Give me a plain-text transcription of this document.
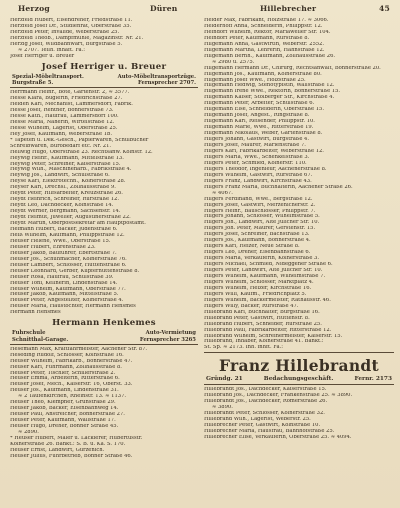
Herzog	Düren	Hillebrecher	45
Herzfeld Hubert, Eisendreher, Friedstraße 11.
Herzfeld Josef Dr., Studienrat, Oberstraße 35.
Herzfeld Peter, Invalide, Weberstraße 25.
Herzfeld Theob., Dampfmühle, Magazinstr. Nr. 21.
Herzig Josef, Wildbahnwart, Burgstraße 5.
≈ 2707. Teilh. inhaft. Fa.:
Josef Herriger u. Breuer
Josef Herriger u. Breuer
Spezial-Möbeltransport.	Auto-Möbeltransportzüge.
Burgstraße 5.	Fernsprecher 2707.
Herrmann Heinr., Bote, Gartenstr. 2, ≈ 3577.
Hesse Klara, Büglerin, Friedrichstraße 27.
Heiden Karl, Mechanist, Lämmersdorf, Fabrik.
Hesse Josef, Rentner, Bonnerstraße 73.
Hesse Kath., Haufrau, Lämmersdorf 100.
Hesse Maria, Näherin, Wirtelstraße 12.
Hesse Wilhelm, Lagerist, Oberstraße 25.
Hey Josef, Kaufmann, Weberstraße 1b.
* Tapeten u. Dek.-Gesch., Papierwaren, Schulbücher
Schreibwaren, Bürobedarf etc. Nr. 21.
Hellwig Hugo, Oberstraße 23. Rechtsanw. Kölnstr. 12.
Heywig Heinr., Kaufmann, Mittelstraße 13.
Heywig Peter, Schreiner, Kaiserstraße 15.
Heywig Wilh., Maschinenarb., Fabrikstraße 4.
Heywig Jos., Landwirt, Schulstraße 6.
Heyse Karl, Elektrotechn., Kölnerstraße 28.
Heyser Karl, Drechsl., Zollhausstraße 9.
Heydt Peter, Hilfsarbeiter, Kreuzstraße 26.
Heydt Heinrich, Schreiner, Rurstraße 12.
Heydt Leo, Dachdecker, Kölnstraße 14.
Heydt Werner, Bergmann, Sachsenstr. 14.
Heydt Helmut, Juwelier, Augustinerstraße 22.
Heydt Martin, Oberpostsekretär am Hauptpostamt.
Heimann Hubert, Bäcker, Judenstraße 6.
Heiß Wilhelm, Kaufmann, Philippstraße 12.
Heuser Helene, Wwe., Oberstraße 15.
Heuser Hubert, Ehrenstraße 23.
Heuser Jakob, Bauführer, Ebertstraße 7.
Heuser Jos., Schuhmacher, Kölnerstraße 76.
Heuser Lambert, Schlosser, Hüttenstraße 6.
Heuser Leonhard, Gerber, Kupferhüttenstraße 8.
Heuser Rosa, Haufrau, Schulstraße 39.
Heuser Toni, Kellnerin, Lindenstraße 14.
Heuser Wilhelm, Kaufmann, Oberstraße 77.
Heuser Jakob, Kaufmann, Mittelstraße 5.
Heuser Peter, Angestellter, Kölnerstraße 4.
Heuser Maria, Haustochter, Hermann Hensmes
Hermann Hensmes
Hermann Henkemes
Fuhrschule	Auto-Vermietung
Schnitthal-Garage.	Fernsprecher 3265
Hesemann Max, Kraftfahrmeister, Aachener Str. 87.
Heseding Rudolf, Schlosser, Kölnstraße 16.
Heuser Wilhelm, Fabrikarb., Bonnerstraße 47.
Heuser Karl, Fuhrmann, Zollhausstraße 8.
Heuser Peter, Tischler, Schillerstraße 2.
Heuser Emma, Arbeiterin, Ritterstraße 6.
Heuser Josef, Mech., Kaiserstr. 16, Oberst. 33.
Heuser Jos., Kaufmann, Lindenstraße 31.
≈ 2 Taufenkirchen, Rheinstr. 13. ≈ 1137.
Heuser Theo, Klempner, Grünstraße 29.
Heuser Jakob, Bäcker, Eisenbahnweg 14.
Heuser Paul, Anstreicher, Bonnerstraße 27.
Heuser Peter, Kaufmann, Wallstraße 17.
Heuser Hugo, Dreher, Bonner Straße 45.
≈ 2890.
* Heuser Hubert, Maler u. Lackierer, Hubertusstr.
Kölnerstraße 26. Bankt.: S. B. u. Ka. S. 170.
Heuser Ernst, Landwirt, Gürzenich.
Heuser Julius, Fuhrbetrieb, Bonner Straße 46.
Heider Max, Fabrikant, Holzstraße 17. ≈ 3066.
Heiderhoff Anna, Schneiderin, Philippstr. 12.
Heindorf Wilhelm, Rektor, Mariaweiler Str. 104.
Heindorf Peter, Kaufmann, Rurstraße 8.
Hilgemann Anna, Gastwirtin, Weberstr. 2552.
Hilgemann Martha, Lehrerin, Hahnstraße 12.
Hilgemann Bernh., Kaufmann, Zollhausstraße 26.
≈ 2980 u. 2575.
Hilgemann Hermann Dr., Chirurg, Rechtsanwalt, Bonnerstraße 20.
Hilgemann Jos., Kaufmann, Kölnerstraße 80.
Hilgemann Josef Wwe., Holzstraße 25.
Hilgemann Hedwig, Stenotypistin, Wallstraße 12.
Hilgemann Irene Wwe., Rektorin, Bonnerstraße 15.
Hilgemann Kaiser, Stolberger Str., Kirchstraße 4.
Hilgemann Peter, Arbeiter, Schulstraße 6.
Hilgemann Else, Schneiderin, Oberstraße 15.
Hilgemann Josef, Angest., Ringstraße 8.
Hilgemann Karl, Reisender, Philippstr. 10.
Hilgemann Marie, Wwe., Ritterstraße 19.
Hilgemann Nikolaus, Weber, Gartenstraße 8.
Hilgers Johann, Gastwirt, Burgstraße 4.
Hilgers Josef, Maurer, Marienstraße 7.
Hilgers Karl, Fabrikarbeiter, Weberstraße 12.
Hilgers Maria, Wwe., Schenkelstraße 3.
Hilgers Peter, Schmied, Kölnerstr. 110.
Hilgers Theodor, Ingenieur, Aachenerstraße 8.
Hilgers Wilhelm, Gastwirt, Rurstraße 67.
Hilgers Franz, Landwirt, Kirchstraße 43.
Hilgers Franz Maria, Buchhalterin, Aachener Straße 26.
≈ 4067.
Hilgers Ferdinand, Wwe., Bergstraße 12.
Hilgers Josef, Gastwirt, Merzenicherstr. 2.
Hilgers Heinr., Bauschlosser, Philippstr. 7.
Hilgers Johann, Schlosser, Wilhelmstraße 5.
Hilgers Joh., Landwirt, Alte Jülicher Str. 10.
Hilgers Joh. Peter, Maurer, Gerstenstr. 15.
Hilgers Josef, Schreiner, Bachstraße 13.
Hilgers Jos., Kaufmann, Bonnerstraße 4.
Hilgers Karl, Heizer, Neue Straße 8.
Hilgers Leo, Dreher, Eisenbahnstraße 6.
Hilgers Maria, Verkäuferin, Kölnerstraße 3.
Hilgers Michael, Schmied, Nideggener Straße 6.
Hilgers Peter, Landwirt, Alte Jülicher Str. 10.
Hilgers Wilhelm, Kaufmann, Wilhelmstraße 7.
Hilgers Wilhelm, Schlosser, Marktplatz 4.
Hilgers Wilhelm, Heizer, Kirchstraße 16.
Hilgers Willi, Kaufm., Friedrichplatz 5.
Hilgers Wilhelm, Bäckermeister, Rathausstr. 46.
Hilgers Willy, Bäcker, Rurstraße 47.
Hillebrand Karl, Buchhalter, Burgstraße 16.
Hillebrand Peter, Gastwirt, Hüttenstr. 8.
Hillebrand Hubert, Schneider, Rurstraße 25.
Hillebrand Paul, Fabrikarbeiter, Ritterstraße 12.
Hillebrand Wilhelm, Schreinermeister, Kaiserstr. 15.
Hillebrand, Inhaber, Kölnerstraße 41. Bankt.:
St. Sp. ≈ 2173. Inh. inhft. Fa.:
Franz Hillebrandt
Gründg. 21	Bedachungsgeschäft.	Fernr. 2173
Hillebrandt Jos., Dachdecker, Kaiserstraße 15.
Hillebrand Jos., Dachdecker, Frankenstraße 25. ≈ 3890.
Hillebrandt Jos., Dachdecker, Römerstraße 26.
≈ 3890.
Hillebrandt Peter, Schlosser, Kölnerstraße 32.
Hillebrand Wilh., Lagerist, Weberstr. 25.
Hillebrecher Peter, Gastwirt, Kölnstraße 10.
Hillebrecher Maria, Hausfrau, Bahnhofstraße 25.
Hillebrecher Elise, Verkäuferin, Oberstraße 25. ≈ 4094.
